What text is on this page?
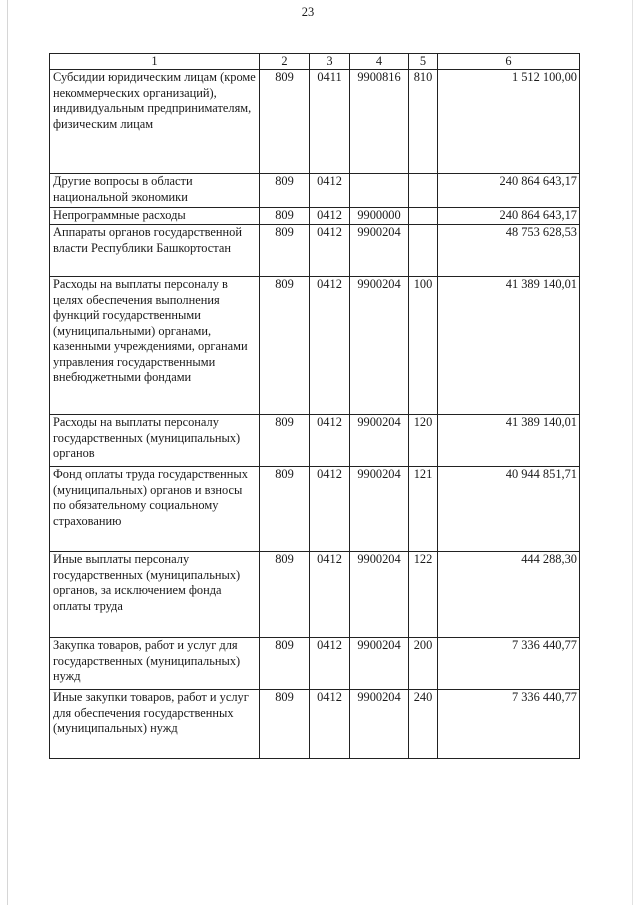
23
1	2	3	4	5	6
Субсидии юридическим лицам (кроме некоммерческих организаций), индивидуальным предпринимателям, физическим лицам	809	0411	9900816	810	1 512 100,00
Другие вопросы в области национальной экономики	809	0412			240 864 643,17
Непрограммные расходы	809	0412	9900000		240 864 643,17
Аппараты органов государственной власти Республики Башкортостан	809	0412	9900204		48 753 628,53
Расходы на выплаты персоналу в целях обеспечения выполнения функций государственными (муниципальными) органами, казенными учреждениями, органами управления государственными внебюджетными фондами	809	0412	9900204	100	41 389 140,01
Расходы на выплаты персоналу государственных (муниципальных) органов	809	0412	9900204	120	41 389 140,01
Фонд оплаты труда государственных (муниципальных) органов и взносы по обязательному социальному страхованию	809	0412	9900204	121	40 944 851,71
Иные выплаты персоналу государственных (муниципальных) органов, за исключением фонда оплаты труда	809	0412	9900204	122	444 288,30
Закупка товаров, работ и услуг для государственных (муниципальных) нужд	809	0412	9900204	200	7 336 440,77
Иные закупки товаров, работ и услуг для обеспечения государственных (муниципальных) нужд	809	0412	9900204	240	7 336 440,77
